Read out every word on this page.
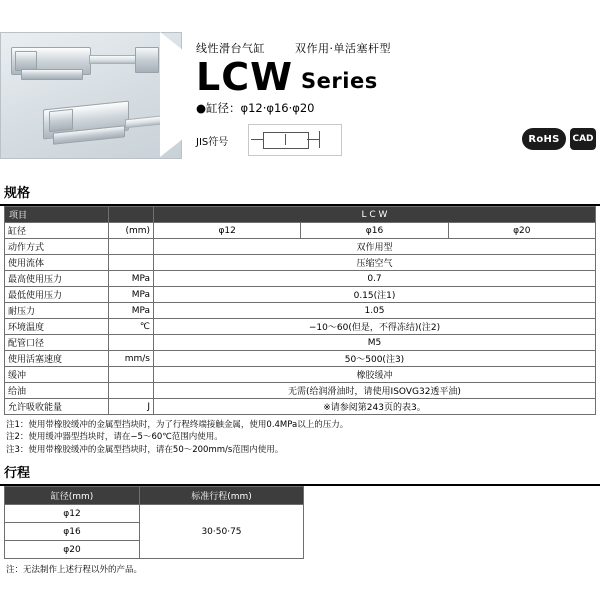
线性滑台气缸	双作用·单活塞杆型
LCW Series
●缸径：φ12·φ16·φ20
JIS符号	RoHS	CAD
规格
项目		L C W		
缸径	(mm)	φ12	φ16	φ20
动作方式		双作用型		
使用流体		压缩空气		
最高使用压力	MPa	0.7		
最低使用压力	MPa	0.15(注1)		
耐压力	MPa	1.05		
环境温度	℃	−10～60(但是，不得冻结)(注2)		
配管口径		M5		
使用活塞速度	mm/s	50～500(注3)		
缓冲		橡胶缓冲		
给油		无需(给润滑油时，请使用ISOVG32透平油)		
允许吸收能量	J	※请参阅第243页的表3。		
注1：使用带橡胶缓冲的金属型挡块时，为了行程终端接触金属，使用0.4MPa以上的压力。
注2：使用缓冲器型挡块时，请在−5～60℃范围内使用。
注3：使用带橡胶缓冲的金属型挡块时，请在50～200mm/s范围内使用。
行程
缸径(mm)	标准行程(mm)
φ12	30·50·75
φ16	
φ20	
注：无法制作上述行程以外的产品。
